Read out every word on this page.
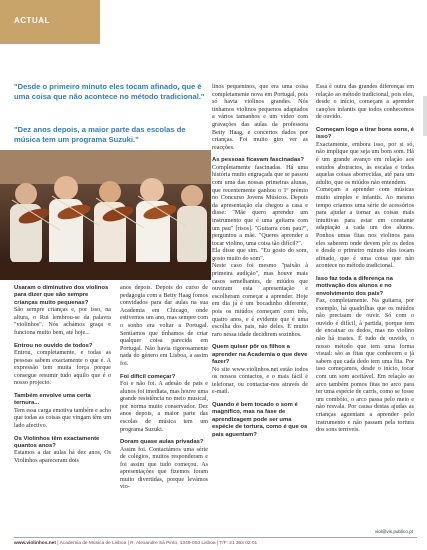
ACTUAL
"Desde o primeiro minuto eles tocam afinado, que é uma coisa que não acontece no método tradicional."
"Dez anos depois, a maior parte das escolas de música tem um programa Suzuki."

Usaram o diminutivo dos violinos para dizer que são sempre crianças muito pequenas?

São sempre crianças e, por isso, na altura, o Rui lembrou-se da palavra "violinhos". Nós achámos graça e funciona muito bem, até hoje...

Entrou no ouvido de todos?

Entrou, completamente, e todas as pessoas sabem exactamente o que é. A expressão tem muita força porque consegue resumir tudo aquilo que é o nosso projecto.

Também envolve uma certa ternura...

Tem essa carga emotiva também e acho que todas as coisas que vingam têm um lado afectivo.

Os Violinhos têm exactamente quantos anos?

Estamos a dar aulas há dez anos, Os Violinhos apareceram dois

anos depois. Depois do curso de pedagogia com a Betty Haag fomos convidados para dar aulas na sua Academia em Chicago, onde estivemos um ano, mas sempre com o sonho era voltar a Portugal. Sentíamos que tínhamos de criar qualquer coisa parecida em Portugal. Não havia rigorosamente nada do género em Lisboa, a assim foi.

Foi difícil começar?

Foi e não foi. A adesão de pais e alunos foi imediata, mas houve uma grande resistência no meio musical, por norma muito conservador. Dez anos depois, a maior parte das escolas de música tem um programa Suzuki.

Doram quase aulas privadas?

Assim foi. Contactámos uma série de colégios, muitos responderam e foi assim que tudo começou. As apresentações que fizemos foram muito divertidas, porque levámos vio-

linos pequeninos, que era uma coisa completamente nova em Portugal, pois só havia violinos grandes. Nós tínhamos violinos pequenos adaptados a vários tamanhos e um vídeo com gravações das aulas da professora Betty Haag, e concertos dados por crianças. Foi muito giro ver as reacções.

As pessoas ficavam fascinadas?

Completamente fascinadas. Há uma história muito engraçada que se passou com uma das nossas primeiras alunas, que recentemente ganhou o 1º prémio no Concurso Jovens Músicos. Depois da apresentação ela chegou a casa e disse: "Mãe quero aprender um instrumento que é uma guitarra com um pau" [risos]. "Guitarra com pau?", perguntou a mãe. "Queres aprender a tocar violino, uma coisa tão difícil?".

Ela disse que sim. "Eu gosto do som, gosto muito do som".

Neste caso foi mesmo "paixão à primeira audição", mas houve mais casos semelhantes, de miúdos que ouviram esta apresentação e escolheram começar a aprender. Hoje em dia já é um bocadinho diferente, pois os miúdos começam com três, quatro anos, e é evidente que é uma escolha dos pais, não deles. É muito raro nessa idade decidirem sozinhos.

Quem quiser pôr os filhos a aprender na Academia o que deve fazer?

No site www.violinhos.net estão todos os nossos contactos, e o mais fácil é telefonar, ou contactar-nos através de e-mail.

Quando é bem tocado o som é magnífico, mas na fase de aprendizagem pode ser uma espécie de tortura, como é que os pais aguentam?

Essa é outra das grandes diferenças em relação ao método tradicional, pois eles, desde o início, começam a aprender canções infantis que todos conhecemos de ouvido.

Começam logo a tirar bons sons, é isso?

Exactamente, embora isso, por si só, não implique que seja um bom som. Há é um grande avanço em relação aos estudos abstractos, às escalas e todas aquelas coisas aborrecidas, até para um adulto, que os miúdos não entendem.

Começam a aprender com músicas muito simples e infantis. Ao mesmo tempo criamos uma série de acessórios para ajudar a tornar as coisas mais intuitivas para estar em constante adaptação a cada um dos alunos. Ponhos umas fitas nos violinos para eles saberem onde devem pôr os dedos e desde o primeiro minuto eles tocam afinado, que é uma coisa que não acontece no método tradicional.

Isso faz toda a diferença na motivação dos alunos e no envolvimento dos pais?

Faz, completamente. Na guitarra, por exemplo, há quadrilhas que os miúdos não precisam de ouvir. Só com o ouvido é difícil, à partida, porque tem de encaixar os dedos, mas no violino não há trastes. É tudo de ouvido, o nosso método que tem uma forma visual: são as fitas que conhecem e já sabem que cada dedo tem uma fita. Por isso começamos, desde o início, tocar com um som aceitável. Em relação ao arco também pomos fitas no arco para ter uma espécie de carris, como se fosse um combóio, o arco passa pelo meio e não resvala. Por causa destas ajudas as crianças aguentam a aprender pelo instrumento e não passam pela tortura dos sons terríveis.

viol@vis.publico.pt
www.violinhos.net | Academia de Música de Lisboa | R. Alexandre Sá Pinto, 1349-003 Lisboa | T/F: 21 363 02 01
